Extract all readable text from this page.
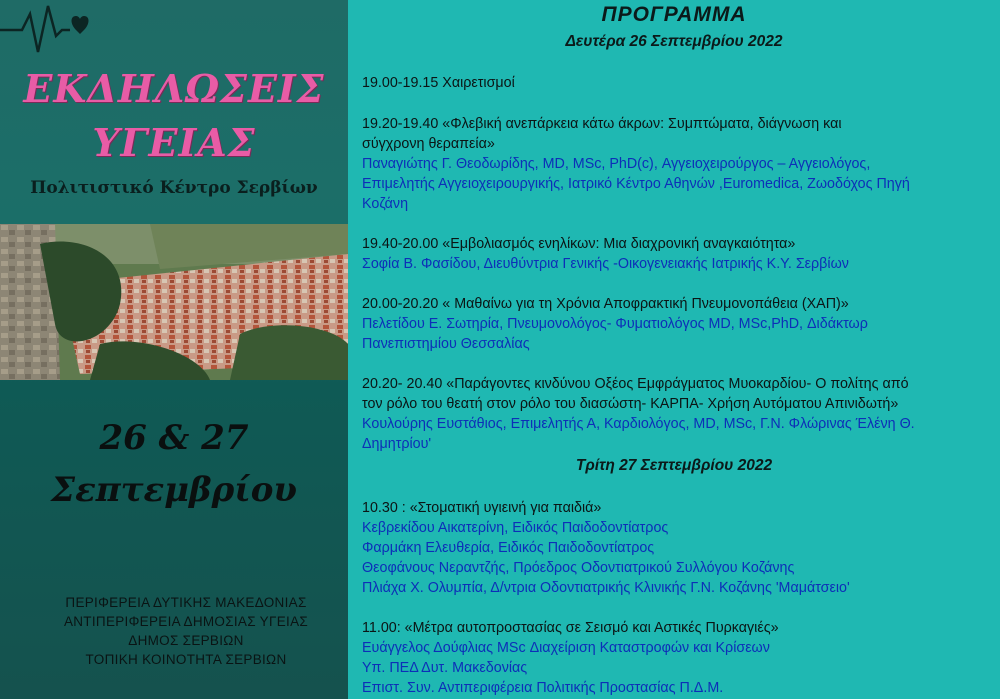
ΕΚΔΗΛΩΣΕΙΣ
ΥΓΕΙΑΣ
Πολιτιστικό Κέντρο Σερβίων
26 & 27
Σεπτεμβρίου
ΠΕΡΙΦΕΡΕΙΑ ΔΥΤΙΚΗΣ ΜΑΚΕΔΟΝΙΑΣ
ΑΝΤΙΠΕΡΙΦΕΡΕΙΑ ΔΗΜΟΣΙΑΣ ΥΓΕΙΑΣ
ΔΗΜΟΣ ΣΕΡΒΙΩΝ
ΤΟΠΙΚΗ ΚΟΙΝΟΤΗΤΑ ΣΕΡΒΙΩΝ
ΠΡΟΓΡΑΜΜΑ
Δευτέρα 26 Σεπτεμβρίου 2022
19.00-19.15 Χαιρετισμοί
19.20-19.40 «Φλεβική ανεπάρκεια κάτω άκρων: Συμπτώματα, διάγνωση και
σύγχρονη θεραπεία»
Παναγιώτης Γ. Θεοδωρίδης, MD, MSc, PhD(c), Αγγειοχειρούργος – Αγγειολόγος,
Επιμελητής Αγγειοχειρουργικής, Ιατρικό Κέντρο Αθηνών ,Euromedica, Ζωοδόχος Πηγή
Κοζάνη
19.40-20.00 «Εμβολιασμός ενηλίκων: Μια διαχρονική αναγκαιότητα»
Σοφία Β. Φασίδου, Διευθύντρια Γενικής -Οικογενειακής Ιατρικής Κ.Υ. Σερβίων
20.00-20.20 « Μαθαίνω για τη Χρόνια Αποφρακτική Πνευμονοπάθεια (ΧΑΠ)»
Πελετίδου Ε. Σωτηρία, Πνευμονολόγος- Φυματιολόγος MD, MSc,PhD, Διδάκτωρ
Πανεπιστημίου Θεσσαλίας
20.20- 20.40 «Παράγοντες κινδύνου Οξέος Εμφράγματος Μυοκαρδίου- Ο πολίτης από
τον ρόλο του θεατή στον ρόλο του διασώστη- ΚΑΡΠΑ- Χρήση Αυτόματου Απινιδωτή»
Κουλούρης Ευστάθιος, Επιμελητής Α, Καρδιολόγος, MD, MSc, Γ.Ν. Φλώρινας Έλένη Θ.
Δημητρίου'
Τρίτη 27 Σεπτεμβρίου 2022
10.30 : «Στοματική υγιεινή για παιδιά»
Κεβρεκίδου Αικατερίνη, Ειδικός Παιδοδοντίατρος
Φαρμάκη Ελευθερία, Ειδικός Παιδοδοντίατρος
Θεοφάνους Νεραντζής, Πρόεδρος Οδοντιατρικού Συλλόγου Κοζάνης
Πλιάχα Χ. Ολυμπία, Δ/ντρια Οδοντιατρικής Κλινικής Γ.Ν. Κοζάνης 'Μαμάτσειο'
11.00: «Μέτρα αυτοπροστασίας σε Σεισμό και Αστικές Πυρκαγιές»
Ευάγγελος Δούφλιας MSc Διαχείριση Καταστροφών και Κρίσεων
Υπ. ΠΕΔ Δυτ. Μακεδονίας
Επιστ. Συν. Αντιπεριφέρεια Πολιτικής Προστασίας Π.Δ.Μ.
